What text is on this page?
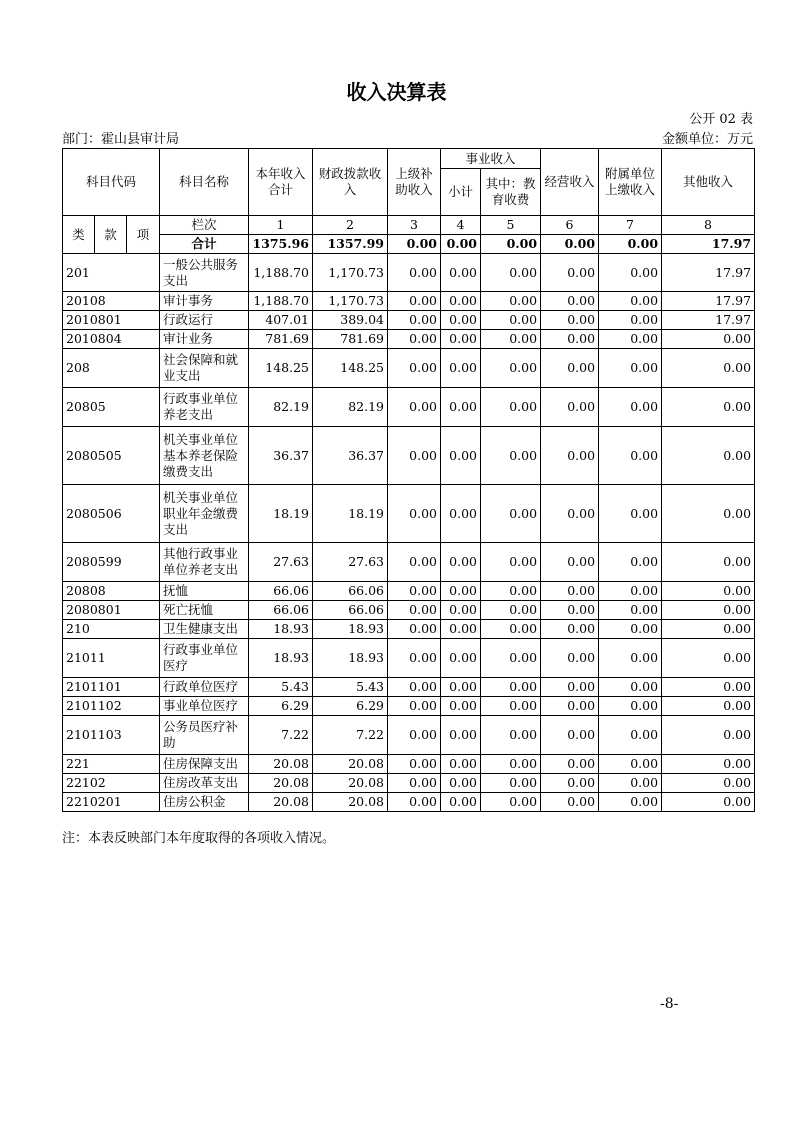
收入决算表
公开 02 表
部门：霍山县审计局	金额单位：万元
科目代码			科目名称	本年收入合计	财政拨款收入	上级补助收入	事业收入		经营收入	附属单位上缴收入	其他收入
							小计	其中：教育收费			
类	款	项	栏次	1	2	3	4	5	6	7	8
			合计	1375.96	1357.99	0.00	0.00	0.00	0.00	0.00	17.97
201			一般公共服务支出	1,188.70	1,170.73	0.00	0.00	0.00	0.00	0.00	17.97
20108			审计事务	1,188.70	1,170.73	0.00	0.00	0.00	0.00	0.00	17.97
2010801			行政运行	407.01	389.04	0.00	0.00	0.00	0.00	0.00	17.97
2010804			审计业务	781.69	781.69	0.00	0.00	0.00	0.00	0.00	0.00
208			社会保障和就业支出	148.25	148.25	0.00	0.00	0.00	0.00	0.00	0.00
20805			行政事业单位养老支出	82.19	82.19	0.00	0.00	0.00	0.00	0.00	0.00
2080505			机关事业单位基本养老保险缴费支出	36.37	36.37	0.00	0.00	0.00	0.00	0.00	0.00
2080506			机关事业单位职业年金缴费支出	18.19	18.19	0.00	0.00	0.00	0.00	0.00	0.00
2080599			其他行政事业单位养老支出	27.63	27.63	0.00	0.00	0.00	0.00	0.00	0.00
20808			抚恤	66.06	66.06	0.00	0.00	0.00	0.00	0.00	0.00
2080801			死亡抚恤	66.06	66.06	0.00	0.00	0.00	0.00	0.00	0.00
210			卫生健康支出	18.93	18.93	0.00	0.00	0.00	0.00	0.00	0.00
21011			行政事业单位医疗	18.93	18.93	0.00	0.00	0.00	0.00	0.00	0.00
2101101			行政单位医疗	5.43	5.43	0.00	0.00	0.00	0.00	0.00	0.00
2101102			事业单位医疗	6.29	6.29	0.00	0.00	0.00	0.00	0.00	0.00
2101103			公务员医疗补助	7.22	7.22	0.00	0.00	0.00	0.00	0.00	0.00
221			住房保障支出	20.08	20.08	0.00	0.00	0.00	0.00	0.00	0.00
22102			住房改革支出	20.08	20.08	0.00	0.00	0.00	0.00	0.00	0.00
2210201			住房公积金	20.08	20.08	0.00	0.00	0.00	0.00	0.00	0.00
注：本表反映部门本年度取得的各项收入情况。
-8-
